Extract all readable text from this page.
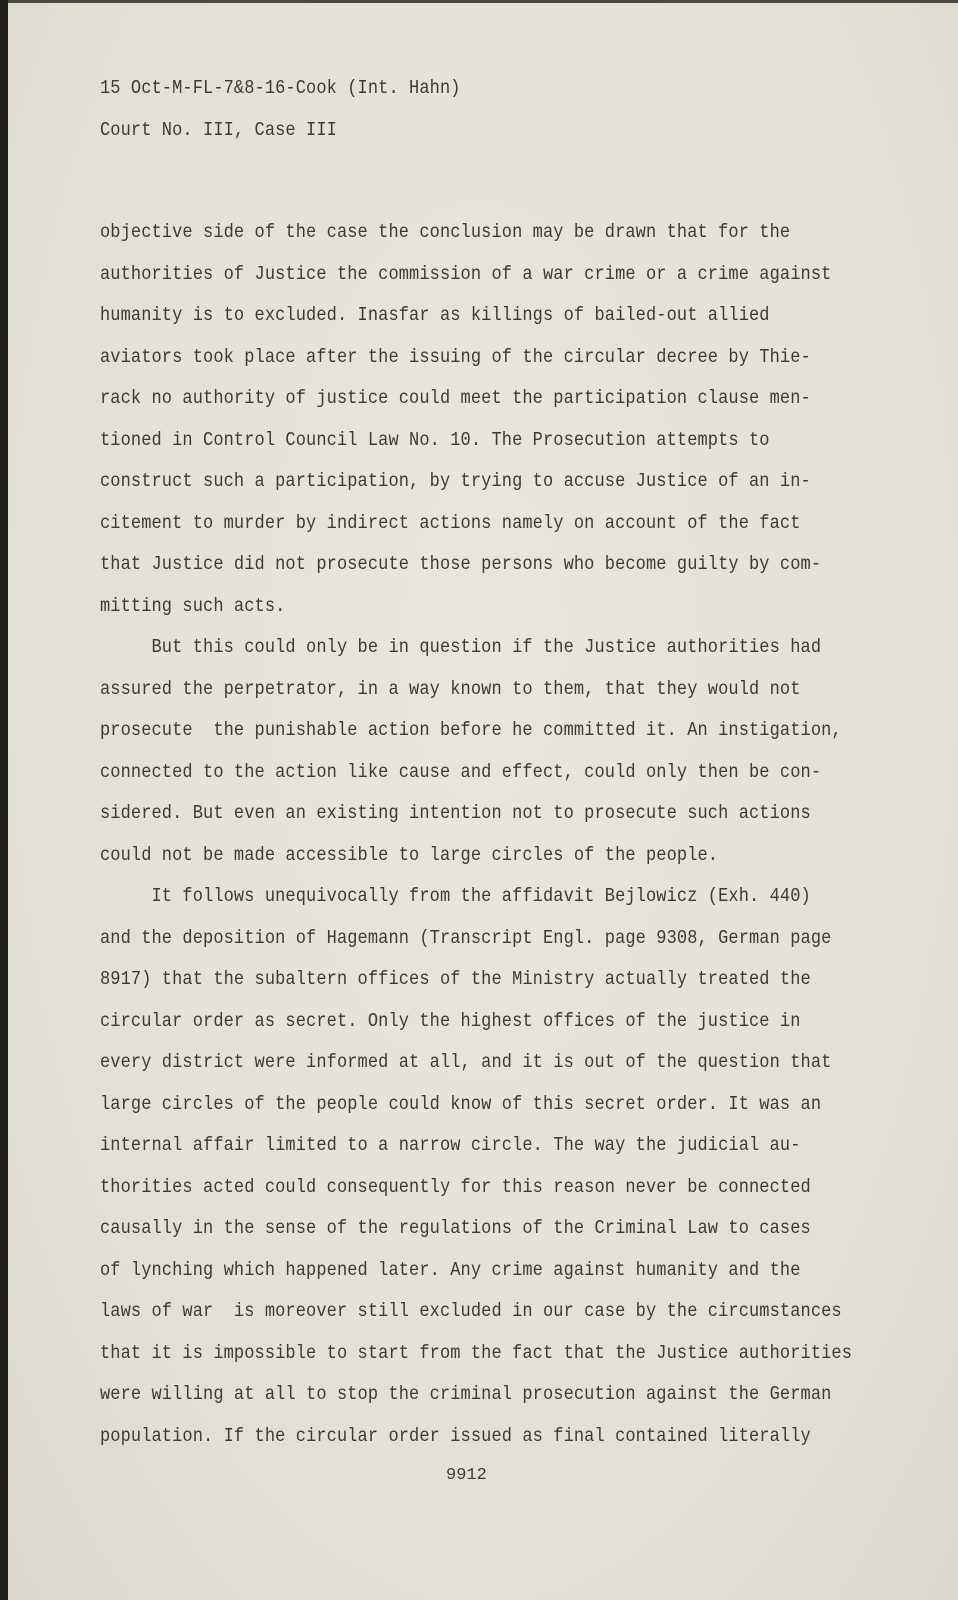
15 Oct-M-FL-7&8-16-Cook (Int. Hahn)
Court No. III, Case III
objective side of the case the conclusion may be drawn that for the
authorities of Justice the commission of a war crime or a crime against
humanity is to excluded. Inasfar as killings of bailed-out allied
aviators took place after the issuing of the circular decree by Thie-
rack no authority of justice could meet the participation clause men-
tioned in Control Council Law No. 10. The Prosecution attempts to
construct such a participation, by trying to accuse Justice of an in-
citement to murder by indirect actions namely on account of the fact
that Justice did not prosecute those persons who become guilty by com-
mitting such acts.
But this could only be in question if the Justice authorities had
assured the perpetrator, in a way known to them, that they would not
prosecute  the punishable action before he committed it. An instigation,
connected to the action like cause and effect, could only then be con-
sidered. But even an existing intention not to prosecute such actions
could not be made accessible to large circles of the people.
It follows unequivocally from the affidavit Bejlowicz (Exh. 440)
and the deposition of Hagemann (Transcript Engl. page 9308, German page
8917) that the subaltern offices of the Ministry actually treated the
circular order as secret. Only the highest offices of the justice in
every district were informed at all, and it is out of the question that
large circles of the people could know of this secret order. It was an
internal affair limited to a narrow circle. The way the judicial au-
thorities acted could consequently for this reason never be connected
causally in the sense of the regulations of the Criminal Law to cases
of lynching which happened later. Any crime against humanity and the
laws of war  is moreover still excluded in our case by the circumstances
that it is impossible to start from the fact that the Justice authorities
were willing at all to stop the criminal prosecution against the German
population. If the circular order issued as final contained literally
9912
